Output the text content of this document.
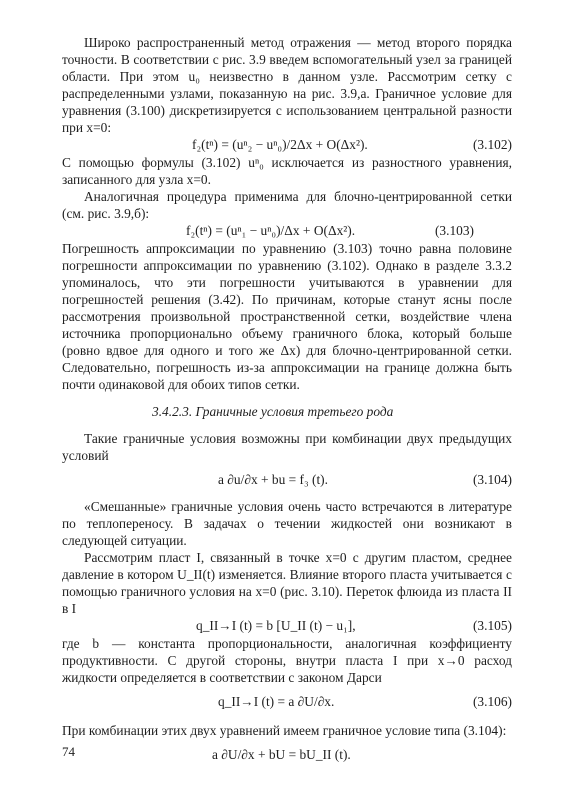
Широко распространенный метод отражения — метод второго порядка точности. В соответствии с рис. 3.9 введем вспомогательный узел за границей области. При этом u₀ неизвестно в данном узле. Рассмотрим сетку с распределенными узлами, показанную на рис. 3.9,а. Граничное условие для уравнения (3.100) дискретизируется с использованием центральной разности при x=0:

f₂(tⁿ) = (uⁿ₂ − uⁿ₀)/2Δx + O(Δx²).	(3.102)

С помощью формулы (3.102) uⁿ₀ исключается из разностного уравнения, записанного для узла x=0.

Аналогичная процедура применима для блочно-центрированной сетки (см. рис. 3.9,б):

f₂(tⁿ) = (uⁿ₁ − uⁿ₀)/Δx + O(Δx²).	(3.103)

Погрешность аппроксимации по уравнению (3.103) точно равна половине погрешности аппроксимации по уравнению (3.102). Однако в разделе 3.3.2 упоминалось, что эти погрешности учитываются в уравнении для погрешностей решения (3.42). По причинам, которые станут ясны после рассмотрения произвольной пространственной сетки, воздействие члена источника пропорционально объему граничного блока, который больше (ровно вдвое для одного и того же Δx) для блочно-центрированной сетки. Следовательно, погрешность из-за аппроксимации на границе должна быть почти одинаковой для обоих типов сетки.

3.4.2.3. Граничные условия третьего рода

Такие граничные условия возможны при комбинации двух предыдущих условий

a ∂u/∂x + bu = f₃ (t).	(3.104)

«Смешанные» граничные условия очень часто встречаются в литературе по теплопереносу. В задачах о течении жидкостей они возникают в следующей ситуации.

Рассмотрим пласт I, связанный в точке x=0 с другим пластом, среднее давление в котором U_II(t) изменяется. Влияние второго пласта учитывается с помощью граничного условия на x=0 (рис. 3.10). Переток флюида из пласта II в I

q_II→I (t) = b [U_II (t) − u₁],	(3.105)

где b — константа пропорциональности, аналогичная коэффициенту продуктивности. С другой стороны, внутри пласта I при x→0 расход жидкости определяется в соответствии с законом Дарси

q_II→I (t) = a ∂U/∂x.	(3.106)

При комбинации этих двух уравнений имеем граничное условие типа (3.104):

a ∂U/∂x + bU = bU_II (t).
74
